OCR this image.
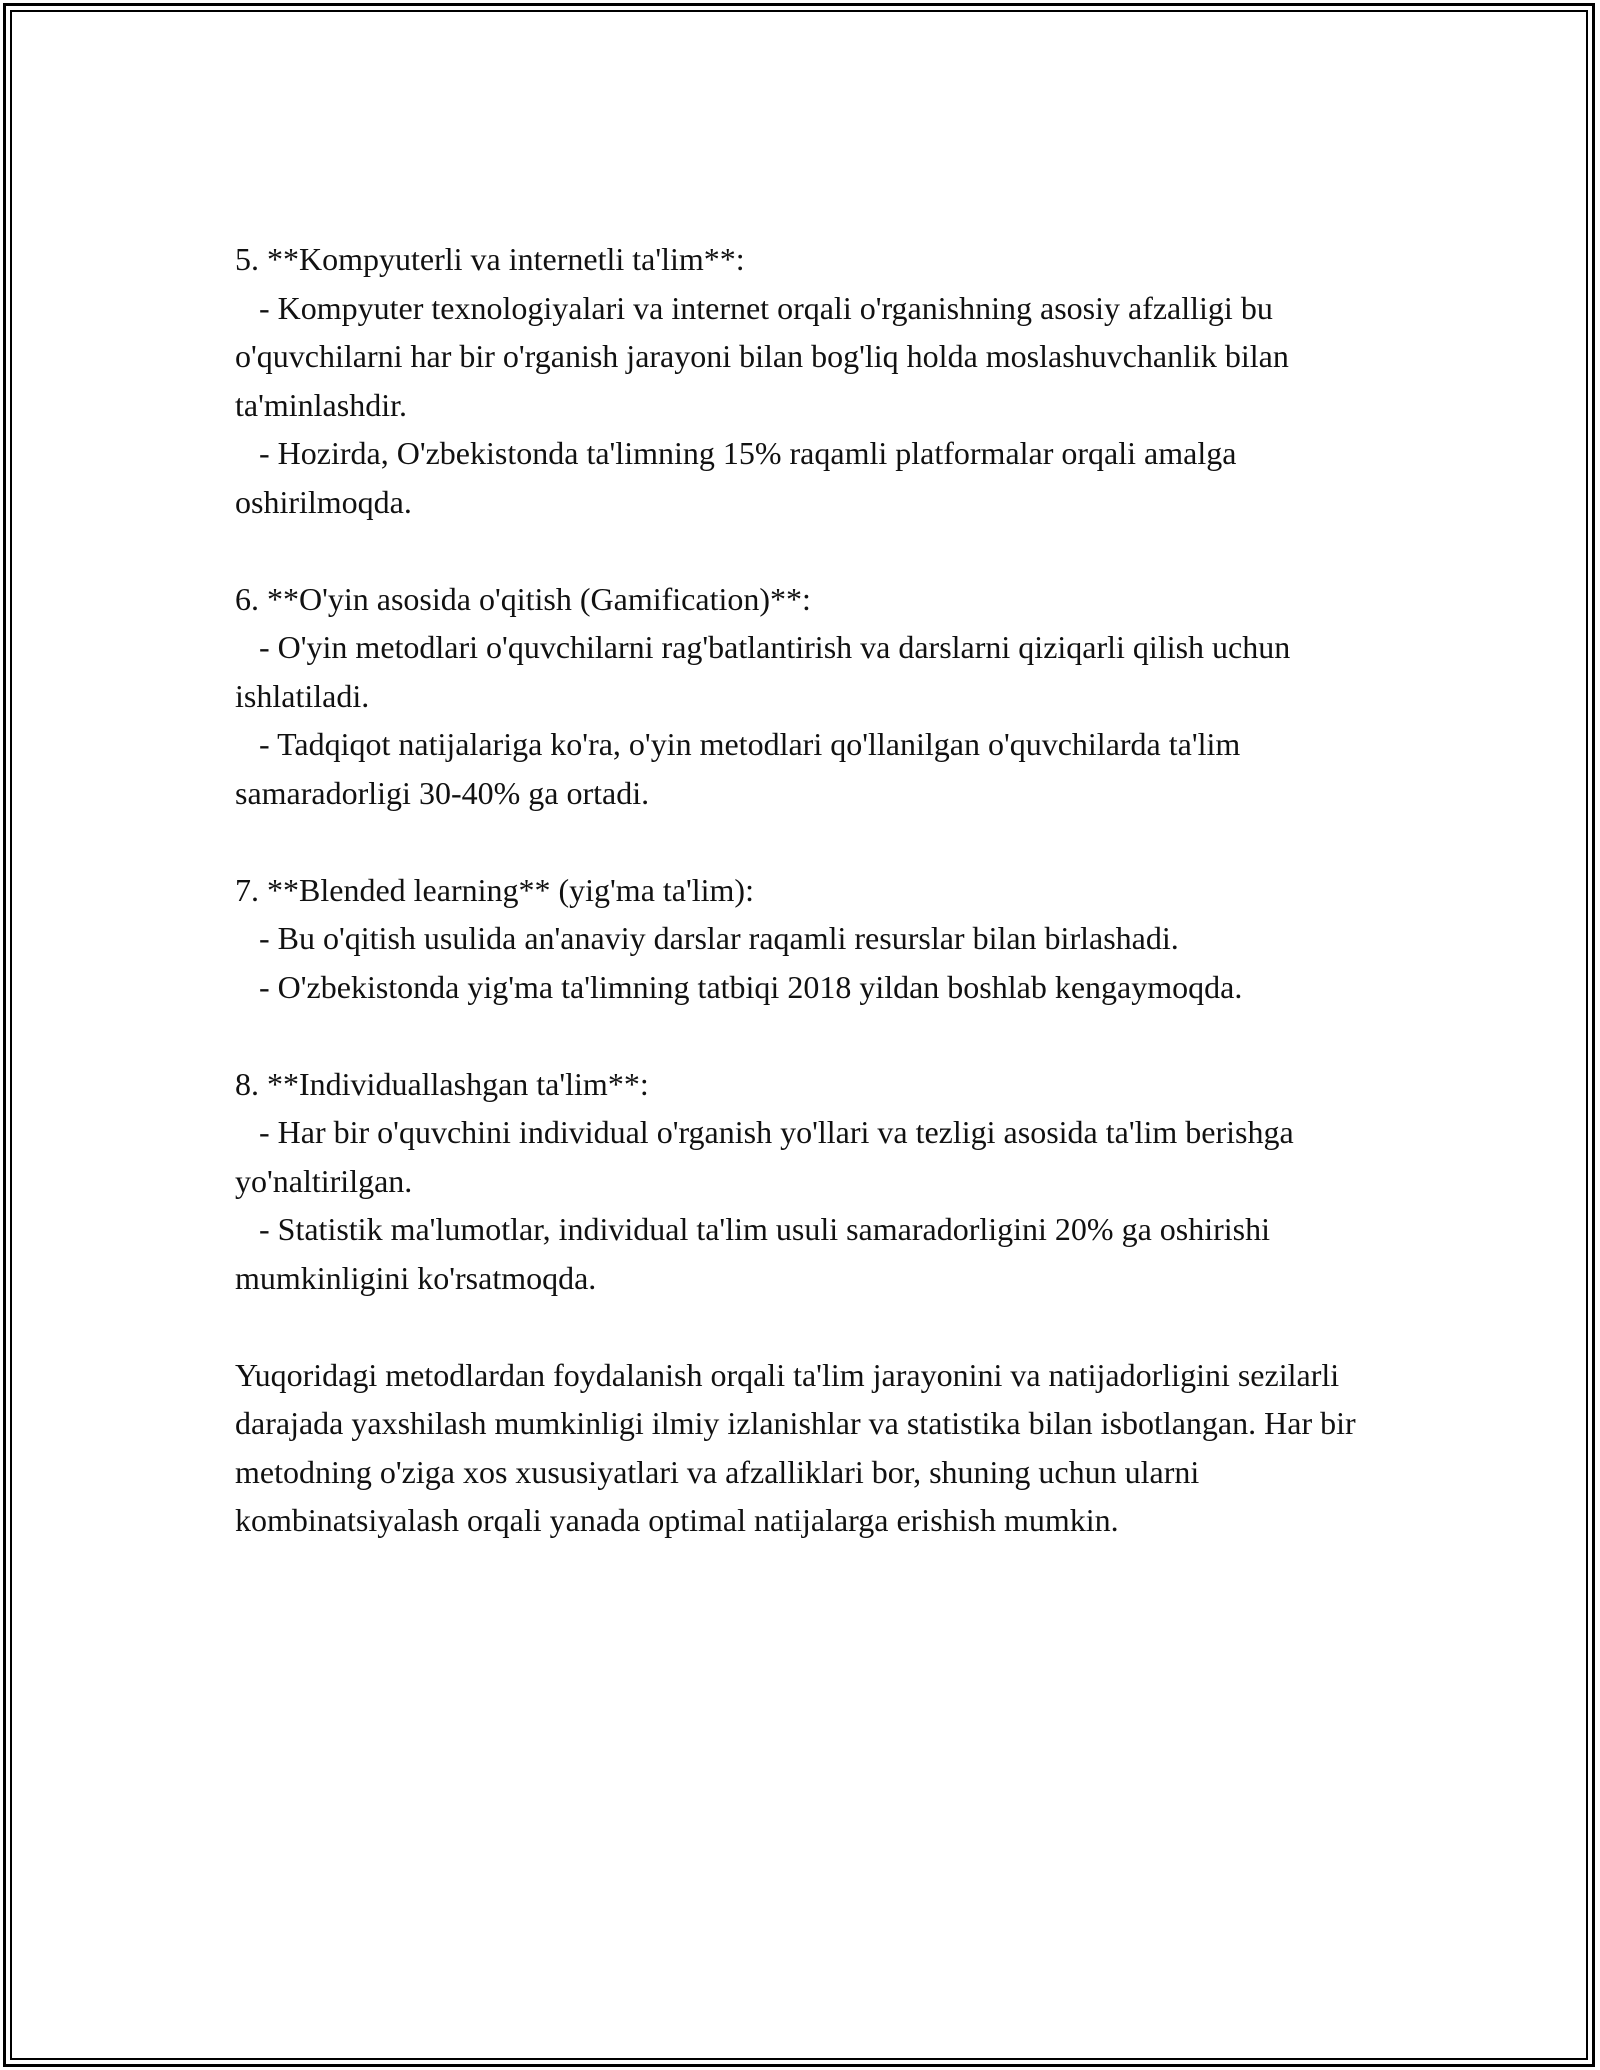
5. **Kompyuterli va internetli ta'lim**:

- Kompyuter texnologiyalari va internet orqali o'rganishning asosiy afzalligi bu o'quvchilarni har bir o'rganish jarayoni bilan bog'liq holda moslashuvchanlik bilan ta'minlashdir.

- Hozirda, O'zbekistonda ta'limning 15% raqamli platformalar orqali amalga oshirilmoqda.

6. **O'yin asosida o'qitish (Gamification)**:

- O'yin metodlari o'quvchilarni rag'batlantirish va darslarni qiziqarli qilish uchun ishlatiladi.

- Tadqiqot natijalariga ko'ra, o'yin metodlari qo'llanilgan o'quvchilarda ta'lim samaradorligi 30-40% ga ortadi.

7. **Blended learning** (yig'ma ta'lim):

- Bu o'qitish usulida an'anaviy darslar raqamli resurslar bilan birlashadi.

- O'zbekistonda yig'ma ta'limning tatbiqi 2018 yildan boshlab kengaymoqda.

8. **Individuallashgan ta'lim**:

- Har bir o'quvchini individual o'rganish yo'llari va tezligi asosida ta'lim berishga yo'naltirilgan.

- Statistik ma'lumotlar, individual ta'lim usuli samaradorligini 20% ga oshirishi mumkinligini ko'rsatmoqda.

Yuqoridagi metodlardan foydalanish orqali ta'lim jarayonini va natijadorligini sezilarli darajada yaxshilash mumkinligi ilmiy izlanishlar va statistika bilan isbotlangan. Har bir metodning o'ziga xos xususiyatlari va afzalliklari bor, shuning uchun ularni kombinatsiyalash orqali yanada optimal natijalarga erishish mumkin.
